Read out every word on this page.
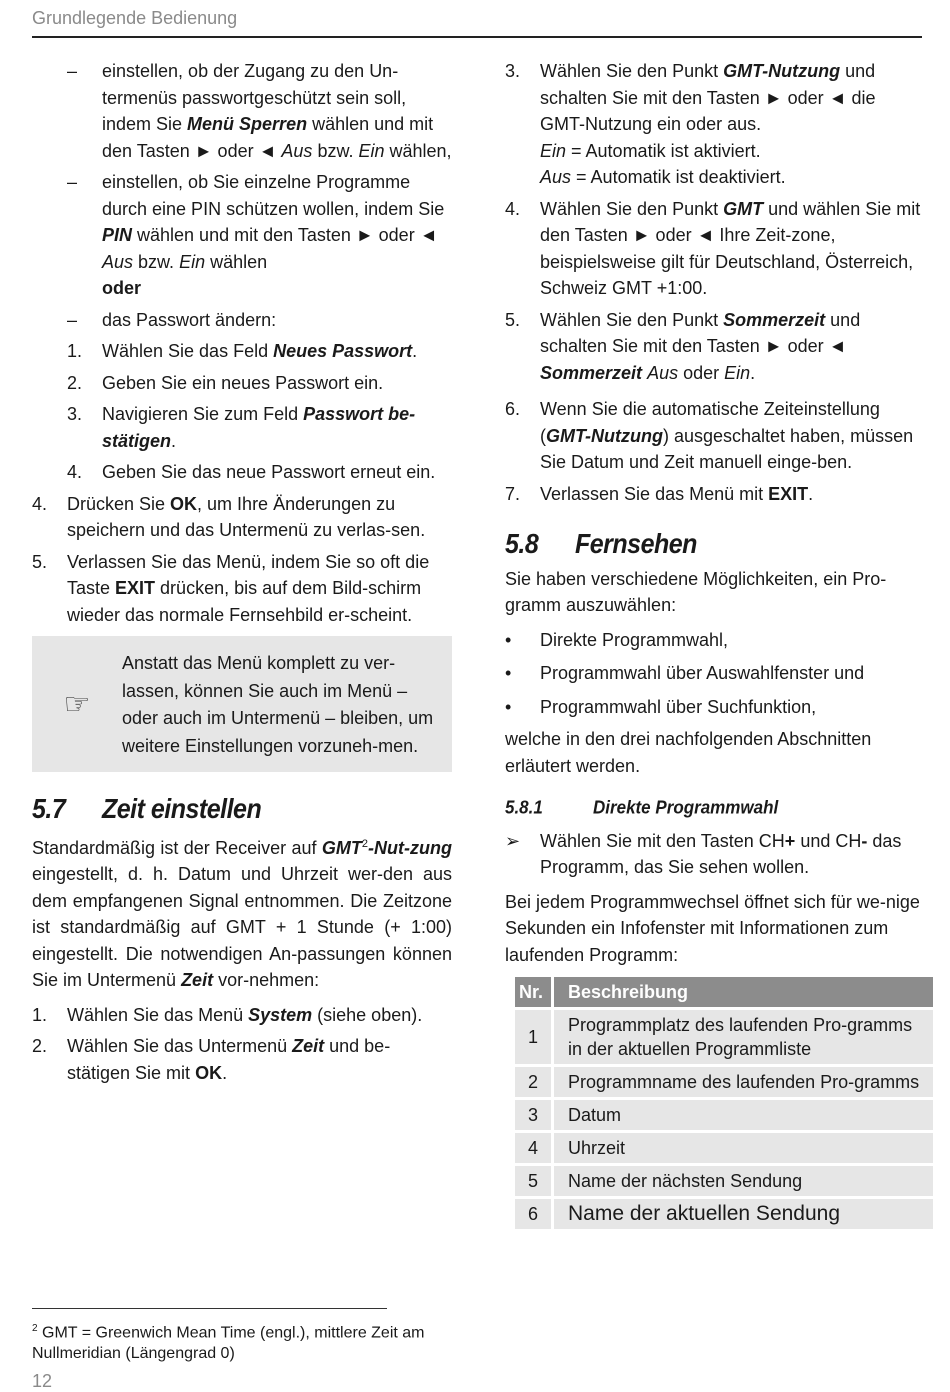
Grundlegende Bedienung
–	einstellen, ob der Zugang zu den Un- termenüs passwortgeschützt sein soll, indem Sie Menü Sperren wählen und mit den Tasten ► oder ◄ Aus bzw. Ein wählen,
–	einstellen, ob Sie einzelne Programme durch eine PIN schützen wollen, indem Sie PIN wählen und mit den Tasten ► oder ◄ Aus bzw. Ein wählen
oder
–	das Passwort ändern:
1.	Wählen Sie das Feld Neues Passwort.
2.	Geben Sie ein neues Passwort ein.
3.	Navigieren Sie zum Feld Passwort be-stätigen.
4.	Geben Sie das neue Passwort erneut ein.
4.	Drücken Sie OK, um Ihre Änderungen zu speichern und das Untermenü zu verlas-sen.
5.	Verlassen Sie das Menü, indem Sie so oft die Taste EXIT drücken, bis auf dem Bild-schirm wieder das normale Fernsehbild er-scheint.
☞
Anstatt das Menü komplett zu ver-lassen, können Sie auch im Menü – oder auch im Untermenü – bleiben, um weitere Einstellungen vorzuneh-men.
5.7 Zeit einstellen

Standardmäßig ist der Receiver auf GMT$^2$-Nut-zung eingestellt, d. h. Datum und Uhrzeit wer-den aus dem empfangenen Signal entnommen. Die Zeitzone ist standardmäßig auf GMT + 1 Stunde (+ 1:00) eingestellt. Die notwendigen An-passungen können Sie im Untermenü Zeit vor-nehmen:

1.	Wählen Sie das Menü System (siehe oben).
2.	Wählen Sie das Untermenü Zeit und be-stätigen Sie mit OK.
3.	Wählen Sie den Punkt GMT-Nutzung und schalten Sie mit den Tasten ► oder ◄ die GMT-Nutzung ein oder aus.
Ein = Automatik ist aktiviert.
Aus = Automatik ist deaktiviert.
4.	Wählen Sie den Punkt GMT und wählen Sie mit den Tasten ► oder ◄ Ihre Zeit-zone, beispielsweise gilt für Deutschland, Österreich, Schweiz GMT +1:00.
5.	Wählen Sie den Punkt Sommerzeit und schalten Sie mit den Tasten ► oder ◄ Sommerzeit Aus oder Ein.
6.	Wenn Sie die automatische Zeiteinstellung (GMT-Nutzung) ausgeschaltet haben, müssen Sie Datum und Zeit manuell einge-ben.
7.	Verlassen Sie das Menü mit EXIT.
5.8 Fernsehen

Sie haben verschiedene Möglichkeiten, ein Pro-gramm auszuwählen:

•	Direkte Programmwahl,
•	Programmwahl über Auswahlfenster und
•	Programmwahl über Suchfunktion,

welche in den drei nachfolgenden Abschnitten erläutert werden.

5.8.1	Direkte Programmwahl
➢	Wählen Sie mit den Tasten CH+ und CH- das Programm, das Sie sehen wollen.

Bei jedem Programmwechsel öffnet sich für we-nige Sekunden ein Infofenster mit Informationen zum laufenden Programm:

Nr.	Beschreibung
1	Programmplatz des laufenden Pro-gramms in der aktuellen Programmliste
2	Programmname des laufenden Pro-gramms
3	Datum
4	Uhrzeit
5	Name der nächsten Sendung
6	Name der aktuellen Sendung
$^2$ GMT = Greenwich Mean Time (engl.), mittlere Zeit am Nullmeridian (Längengrad 0)
12
